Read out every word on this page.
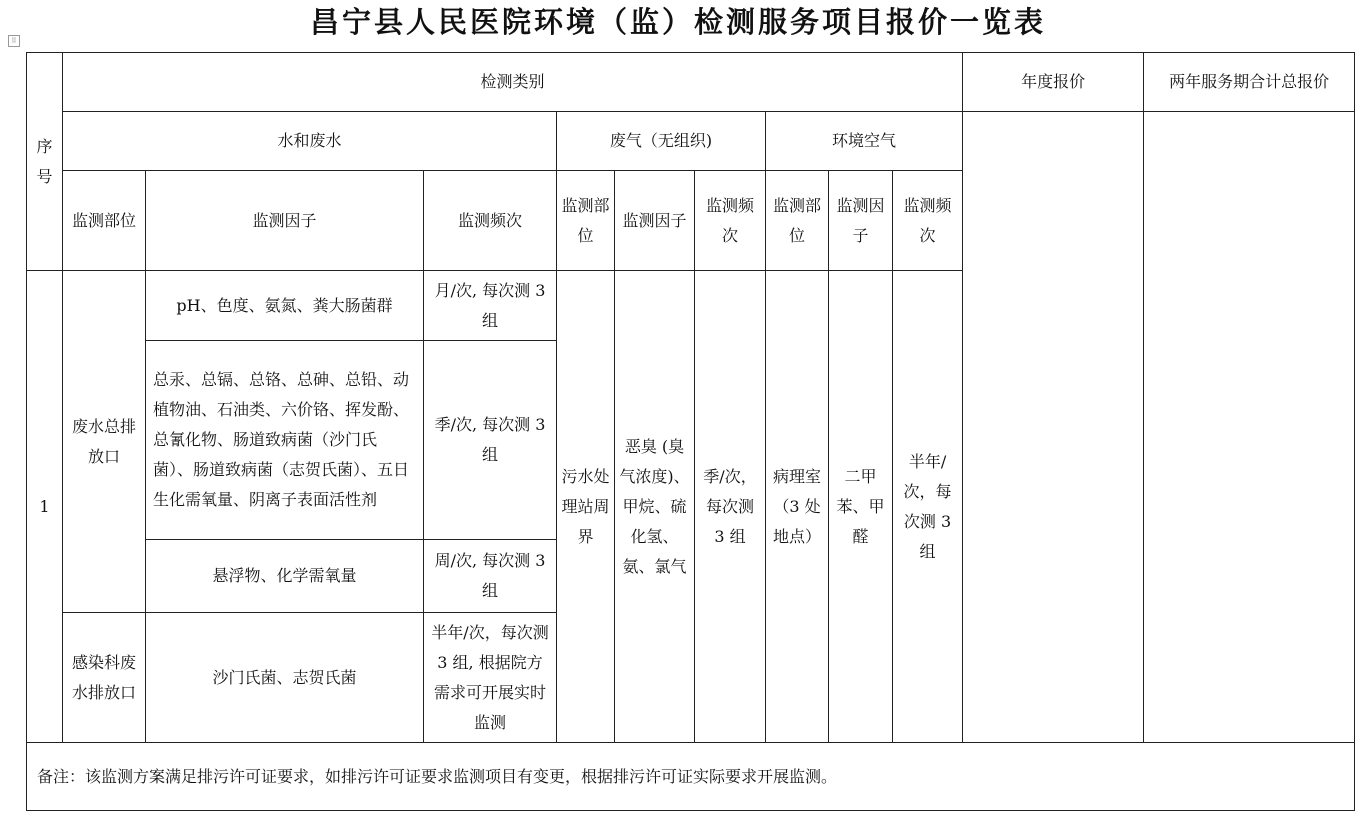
昌宁县人民医院环境（监）检测服务项目报价一览表
⠿
序号	检测类别									年度报价	两年服务期合计总报价
	水和废水			废气（无组织)			环境空气				
	监测部位	监测因子	监测频次	监测部位	监测因子	监测频次	监测部位	监测因子	监测频次		
1	废水总排放口	pH、色度、氨氮、粪大肠菌群	月/次, 每次测 3 组	污水处理站周界	恶臭 (臭气浓度)、甲烷、硫化氢、氨、氯气	季/次，每次测 3 组	病理室（3 处地点）	二甲苯、甲醛	半年/次，每次测 3 组		
		总汞、总镉、总铬、总砷、总铅、动植物油、石油类、六价铬、挥发酚、总氰化物、肠道致病菌（沙门氏菌）、肠道致病菌（志贺氏菌）、五日生化需氧量、阴离子表面活性剂	季/次, 每次测 3 组								
		悬浮物、化学需氧量	周/次, 每次测 3 组								
	感染科废水排放口	沙门氏菌、志贺氏菌	半年/次，每次测 3 组, 根据院方需求可开展实时监测								
备注：该监测方案满足排污许可证要求，如排污许可证要求监测项目有变更，根据排污许可证实际要求开展监测。											
